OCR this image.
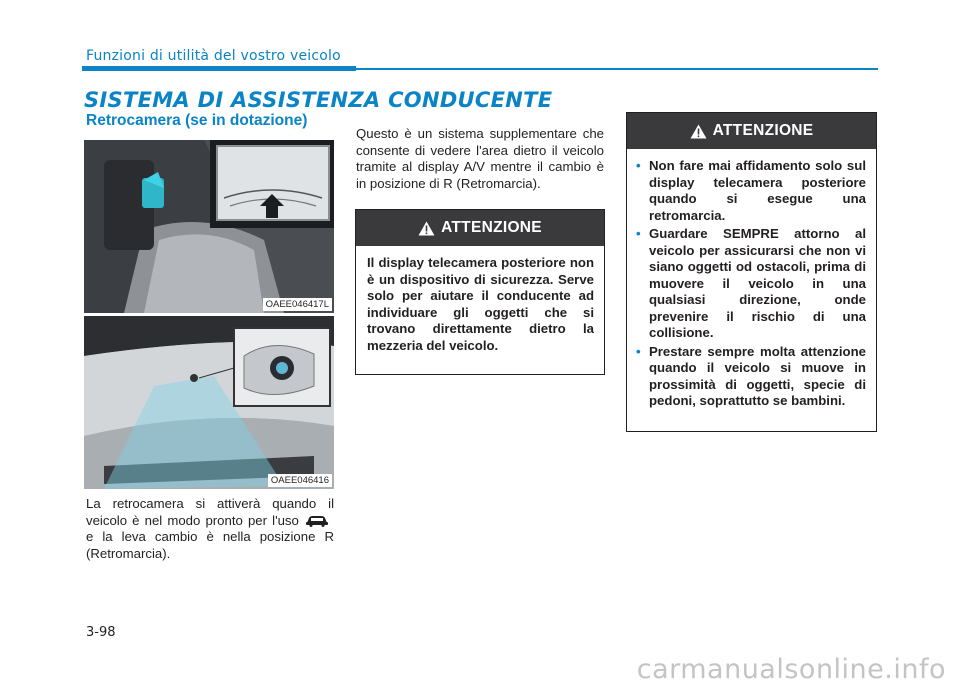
Funzioni di utilità del vostro veicolo
SISTEMA DI ASSISTENZA CONDUCENTE
Retrocamera (se in dotazione)
OAEE046417L
OAEE046416
La retrocamera si attiverà quando il veicolo è nel modo pronto per l'uso  e la leva cambio è nella posizione R (Retromarcia).
Questo è un sistema supplementare che consente di vedere l'area dietro il veicolo tramite al display A/V mentre il cambio è in posizione di R (Retromarcia).
ATTENZIONE
Il display telecamera posteriore non è un dispositivo di sicurezza. Serve solo per aiutare il conducente ad individuare gli oggetti che si trovano direttamente dietro la mezzeria del veicolo.
ATTENZIONE
• Non fare mai affidamento solo sul display telecamera posteriore quando si esegue una retromarcia.
• Guardare SEMPRE attorno al veicolo per assicurarsi che non vi siano oggetti od ostacoli, prima di muovere il veicolo in una qualsiasi direzione, onde prevenire il rischio di una collisione.
• Prestare sempre molta attenzione quando il veicolo si muove in prossimità di oggetti, specie di pedoni, soprattutto se bambini.
3-98
carmanualsonline.info
